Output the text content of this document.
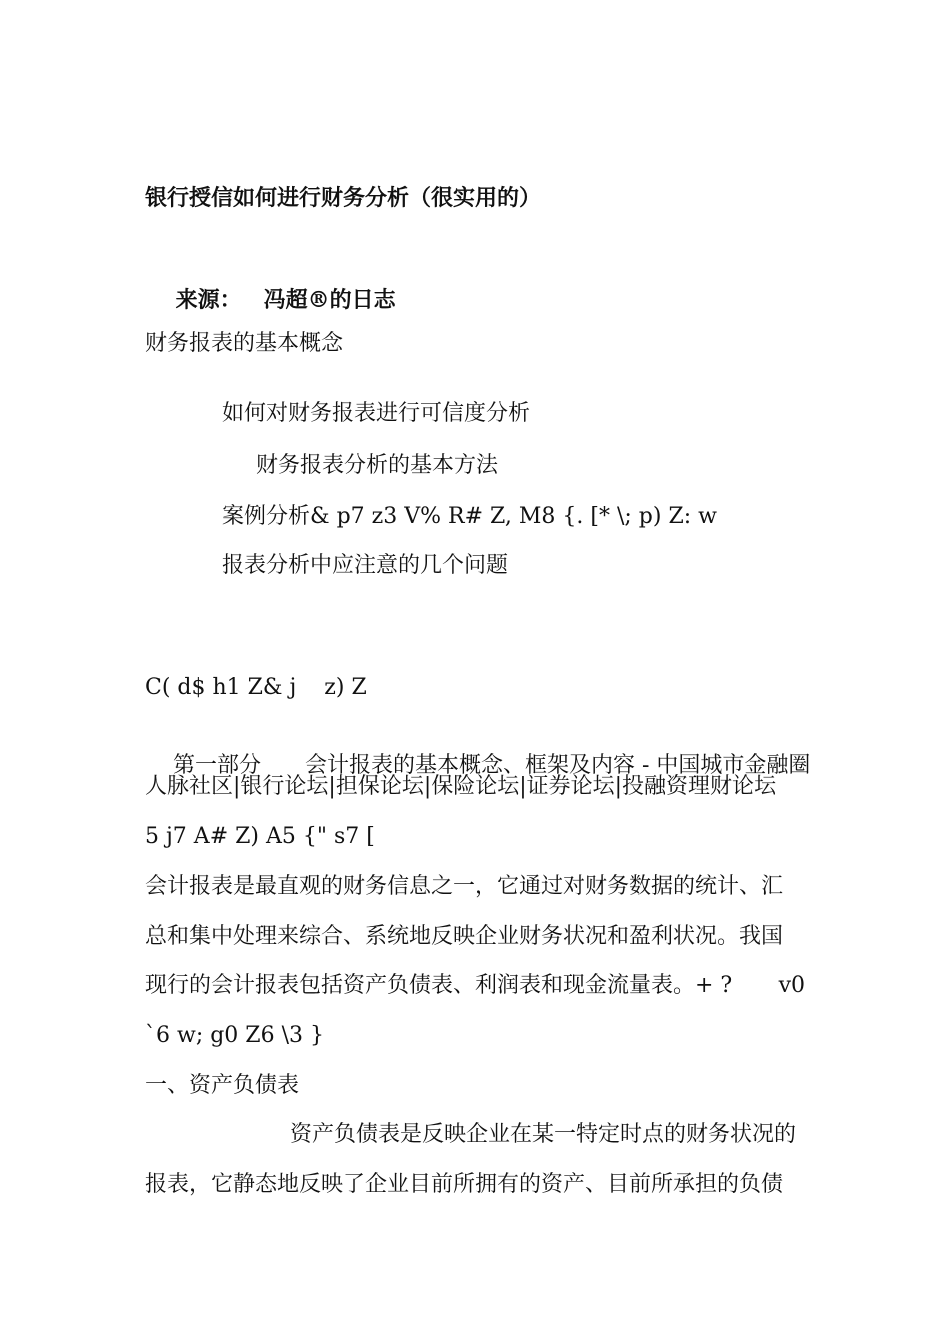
银行授信如何进行财务分析（很实用的）

来源： 冯超®的日志

财务报表的基本概念
如何对财务报表进行可信度分析
财务报表分析的基本方法
案例分析& p7 z3 V% R# Z, M8 {. [* \; p) Z: w
报表分析中应注意的几个问题
C( d$ h1 Z& j    z) Z

第一部分 会计报表的基本概念、框架及内容 - 中国城市金融圈

人脉社区|银行论坛|担保论坛|保险论坛|证券论坛|投融资理财论坛
5 j7 A# Z) A5 {" s7 [
会计报表是最直观的财务信息之一，它通过对财务数据的统计、汇
总和集中处理来综合、系统地反映企业财务状况和盈利状况。我国
现行的会计报表包括资产负债表、利润表和现金流量表。+ ? v0
`6 w; g0 Z6 \3 }
一、资产负债表
资产负债表是反映企业在某一特定时点的财务状况的
报表，它静态地反映了企业目前所拥有的资产、目前所承担的负债
